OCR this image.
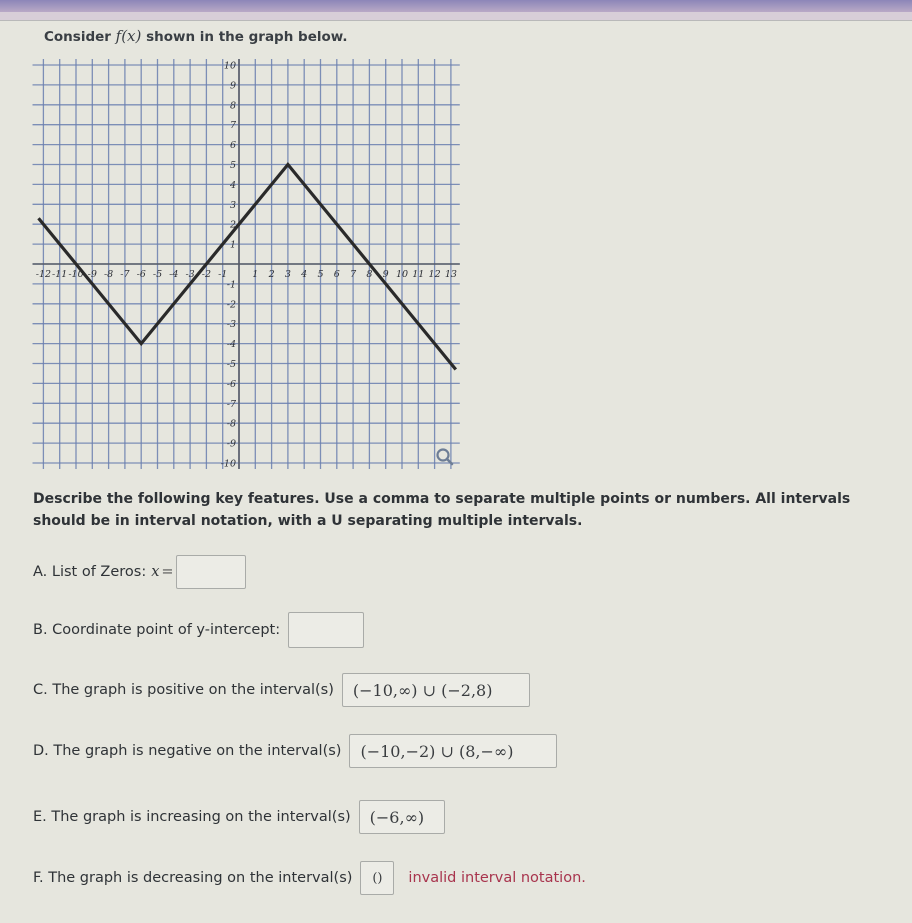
Consider f(x) shown in the graph below.
-12 -11 -10 -9 -8 -7 -6 -5 -4 -3 -2 -1	1 2 3 4 5 6 7 8 9 10 11 12 13
10
9
8
7
6
5
4
3
2
1
-1
-2
-3
-4
-5
-6
-7
-8
-9
-10
Describe the following key features. Use a comma to separate multiple points or numbers. All intervals should be in interval notation, with a U separating multiple intervals.
A. List of Zeros: x =
B. Coordinate point of y-intercept:
C. The graph is positive on the interval(s)	(−10,∞) ∪ (−2,8)
D. The graph is negative on the interval(s)	(−10,−2) ∪ (8,−∞)
E. The graph is increasing on the interval(s)	(−6,∞)
F. The graph is decreasing on the interval(s)	()	invalid interval notation.
